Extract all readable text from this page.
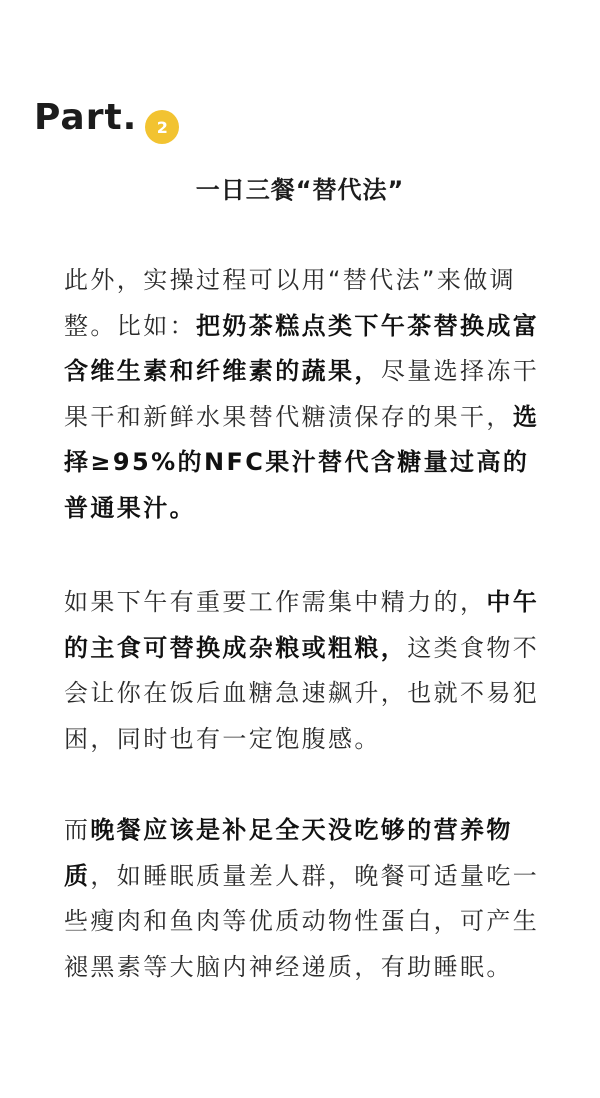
Part.	2
一日三餐“替代法”

此外，实操过程可以用“替代法”来做调整。比如：把奶茶糕点类下午茶替换成富含维生素和纤维素的蔬果，尽量选择冻干果干和新鲜水果替代糖渍保存的果干，选择≥95%的NFC果汁替代含糖量过高的普通果汁。

如果下午有重要工作需集中精力的，中午的主食可替换成杂粮或粗粮，这类食物不会让你在饭后血糖急速飙升，也就不易犯困，同时也有一定饱腹感。

而晚餐应该是补足全天没吃够的营养物质，如睡眠质量差人群，晚餐可适量吃一些瘦肉和鱼肉等优质动物性蛋白，可产生褪黑素等大脑内神经递质，有助睡眠。
